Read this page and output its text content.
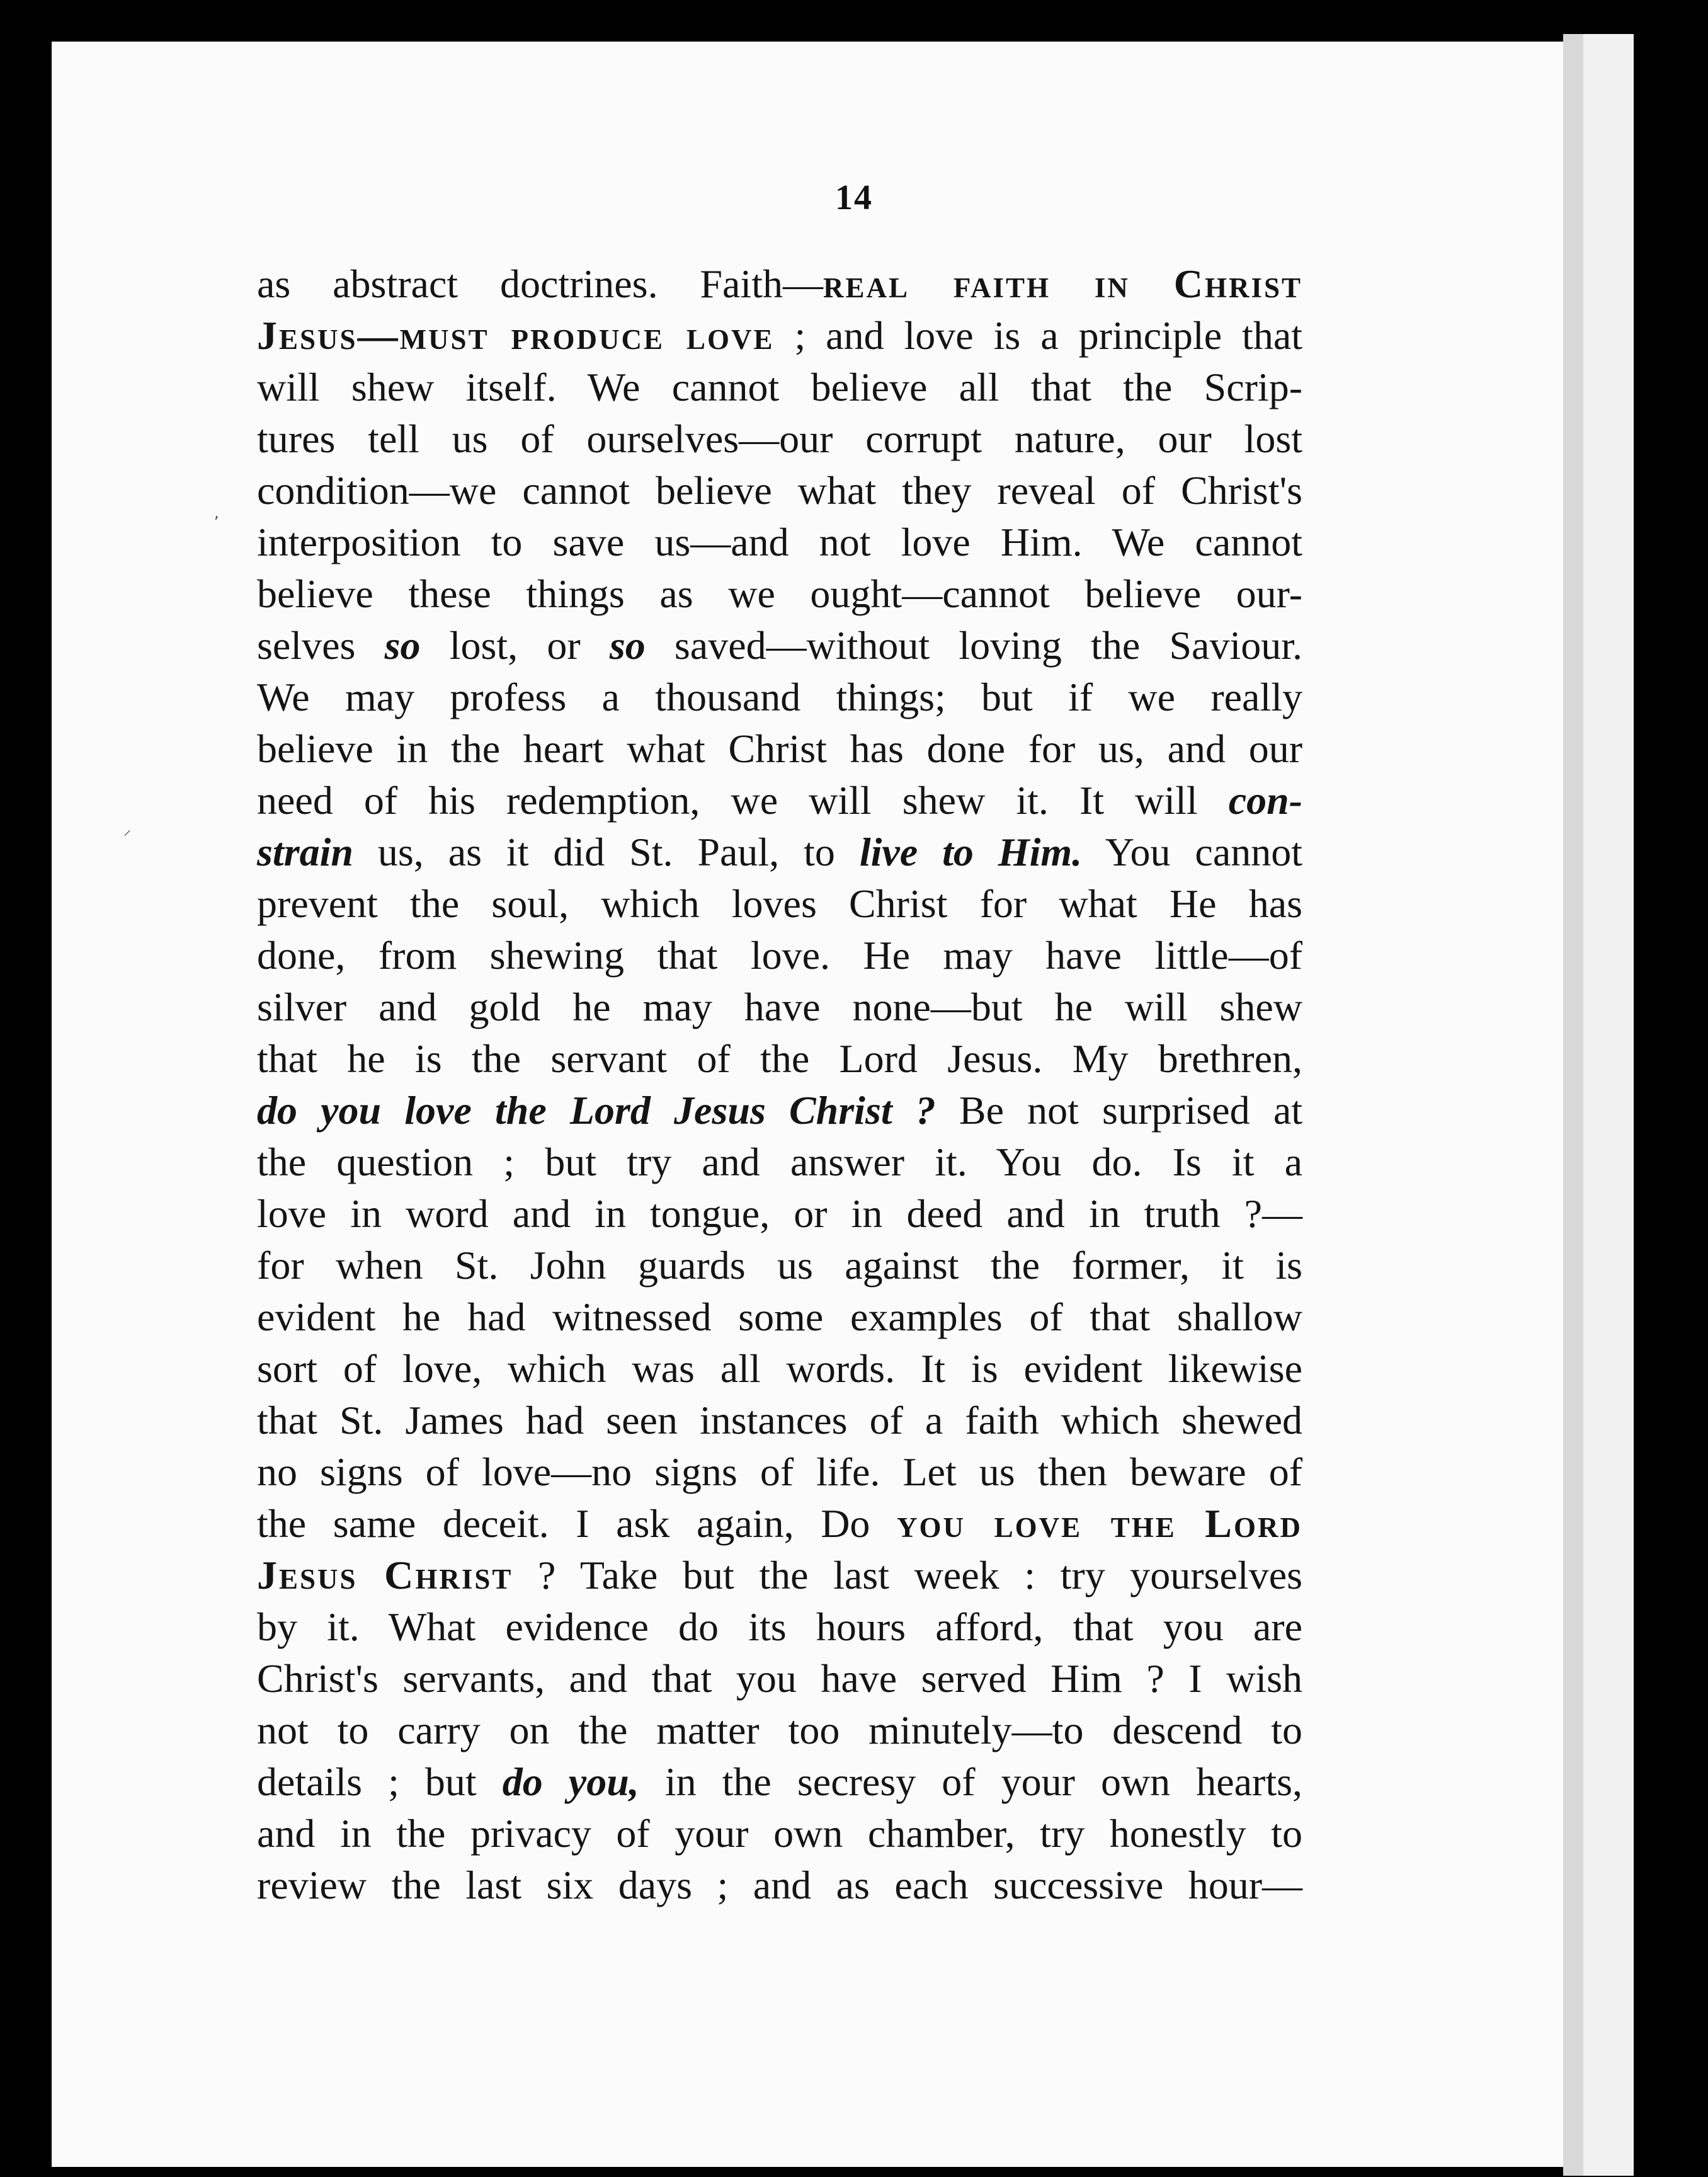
,
⸝
14
as abstract doctrines. Faith—real faith in Christ
Jesus—must produce love ; and love is a principle that
will shew itself. We cannot believe all that the Scrip-
tures tell us of ourselves—our corrupt nature, our lost
condition—we cannot believe what they reveal of Christ's
interposition to save us—and not love Him. We cannot
believe these things as we ought—cannot believe our-
selves so lost, or so saved—without loving the Saviour.
We may profess a thousand things; but if we really
believe in the heart what Christ has done for us, and our
need of his redemption, we will shew it. It will con-
strain us, as it did St. Paul, to live to Him. You cannot
prevent the soul, which loves Christ for what He has
done, from shewing that love. He may have little—of
silver and gold he may have none—but he will shew
that he is the servant of the Lord Jesus. My brethren,
do you love the Lord Jesus Christ ? Be not surprised at
the question ; but try and answer it. You do. Is it a
love in word and in tongue, or in deed and in truth ?—
for when St. John guards us against the former, it is
evident he had witnessed some examples of that shallow
sort of love, which was all words. It is evident likewise
that St. James had seen instances of a faith which shewed
no signs of love—no signs of life. Let us then beware of
the same deceit. I ask again, Do you love the Lord
Jesus Christ ? Take but the last week : try yourselves
by it. What evidence do its hours afford, that you are
Christ's servants, and that you have served Him ? I wish
not to carry on the matter too minutely—to descend to
details ; but do you, in the secresy of your own hearts,
and in the privacy of your own chamber, try honestly to
review the last six days ; and as each successive hour—
